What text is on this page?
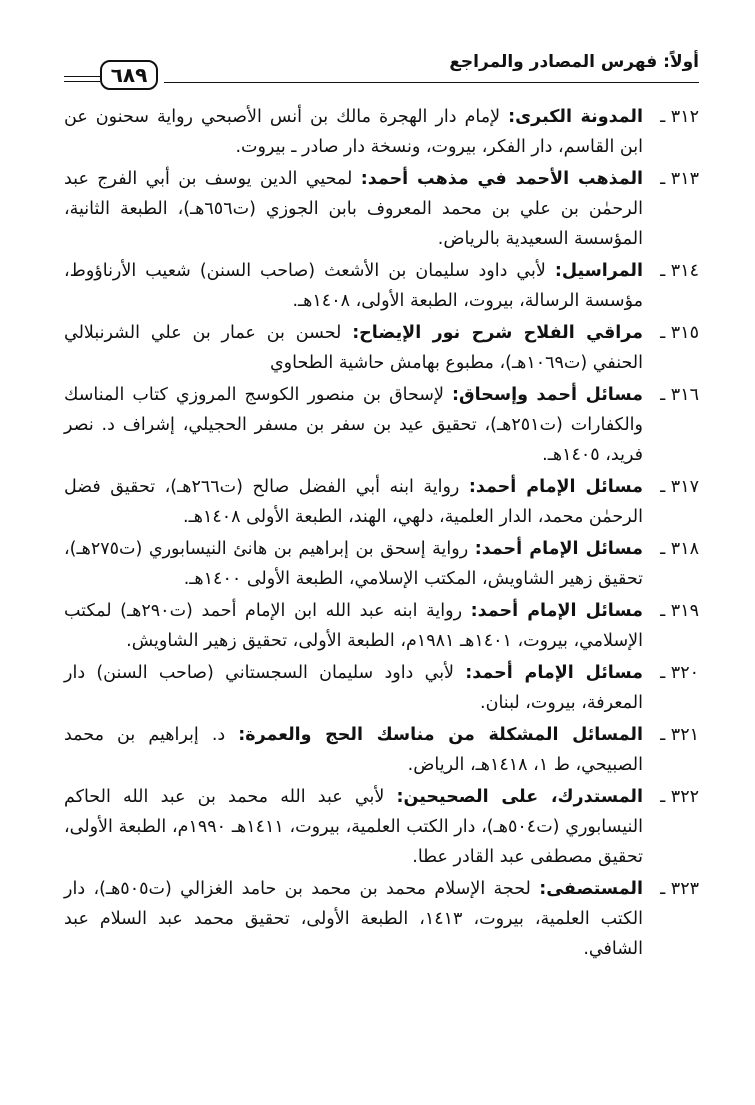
أولاً: فهرس المصادر والمراجع
٦٨٩
٣١٢ ـ
المدونة الكبرى: لإمام دار الهجرة مالك بن أنس الأصبحي رواية سحنون عن ابن القاسم، دار الفكر، بيروت، ونسخة دار صادر ـ بيروت.
٣١٣ ـ
المذهب الأحمد في مذهب أحمد: لمحيي الدين يوسف بن أبي الفرج عبد الرحمٰن بن علي بن محمد المعروف بابن الجوزي (ت٦٥٦هـ)، الطبعة الثانية، المؤسسة السعيدية بالرياض.
٣١٤ ـ
المراسيل: لأبي داود سليمان بن الأشعث (صاحب السنن) شعيب الأرناؤوط، مؤسسة الرسالة، بيروت، الطبعة الأولى، ١٤٠٨هـ.
٣١٥ ـ
مراقي الفلاح شرح نور الإيضاح: لحسن بن عمار بن علي الشرنبلالي الحنفي (ت١٠٦٩هـ)، مطبوع بهامش حاشية الطحاوي
٣١٦ ـ
مسائل أحمد وإسحاق: لإسحاق بن منصور الكوسج المروزي كتاب المناسك والكفارات (ت٢٥١هـ)، تحقيق عيد بن سفر بن مسفر الحجيلي، إشراف د. نصر فريد، ١٤٠٥هـ.
٣١٧ ـ
مسائل الإمام أحمد: رواية ابنه أبي الفضل صالح (ت٢٦٦هـ)، تحقيق فضل الرحمٰن محمد، الدار العلمية، دلهي، الهند، الطبعة الأولى ١٤٠٨هـ.
٣١٨ ـ
مسائل الإمام أحمد: رواية إسحق بن إبراهيم بن هانئ النيسابوري (ت٢٧٥هـ)، تحقيق زهير الشاويش، المكتب الإسلامي، الطبعة الأولى ١٤٠٠هـ.
٣١٩ ـ
مسائل الإمام أحمد: رواية ابنه عبد الله ابن الإمام أحمد (ت٢٩٠هـ) لمكتب الإسلامي، بيروت، ١٤٠١هـ ١٩٨١م، الطبعة الأولى، تحقيق زهير الشاويش.
٣٢٠ ـ
مسائل الإمام أحمد: لأبي داود سليمان السجستاني (صاحب السنن) دار المعرفة، بيروت، لبنان.
٣٢١ ـ
المسائل المشكلة من مناسك الحج والعمرة: د. إبراهيم بن محمد الصبيحي، ط ١، ١٤١٨هـ، الرياض.
٣٢٢ ـ
المستدرك، على الصحيحين: لأبي عبد الله محمد بن عبد الله الحاكم النيسابوري (ت٥٠٤هـ)، دار الكتب العلمية، بيروت، ١٤١١هـ ١٩٩٠م، الطبعة الأولى، تحقيق مصطفى عبد القادر عطا.
٣٢٣ ـ
المستصفى: لحجة الإسلام محمد بن محمد بن حامد الغزالي (ت٥٠٥هـ)، دار الكتب العلمية، بيروت، ١٤١٣، الطبعة الأولى، تحقيق محمد عبد السلام عبد الشافي.
